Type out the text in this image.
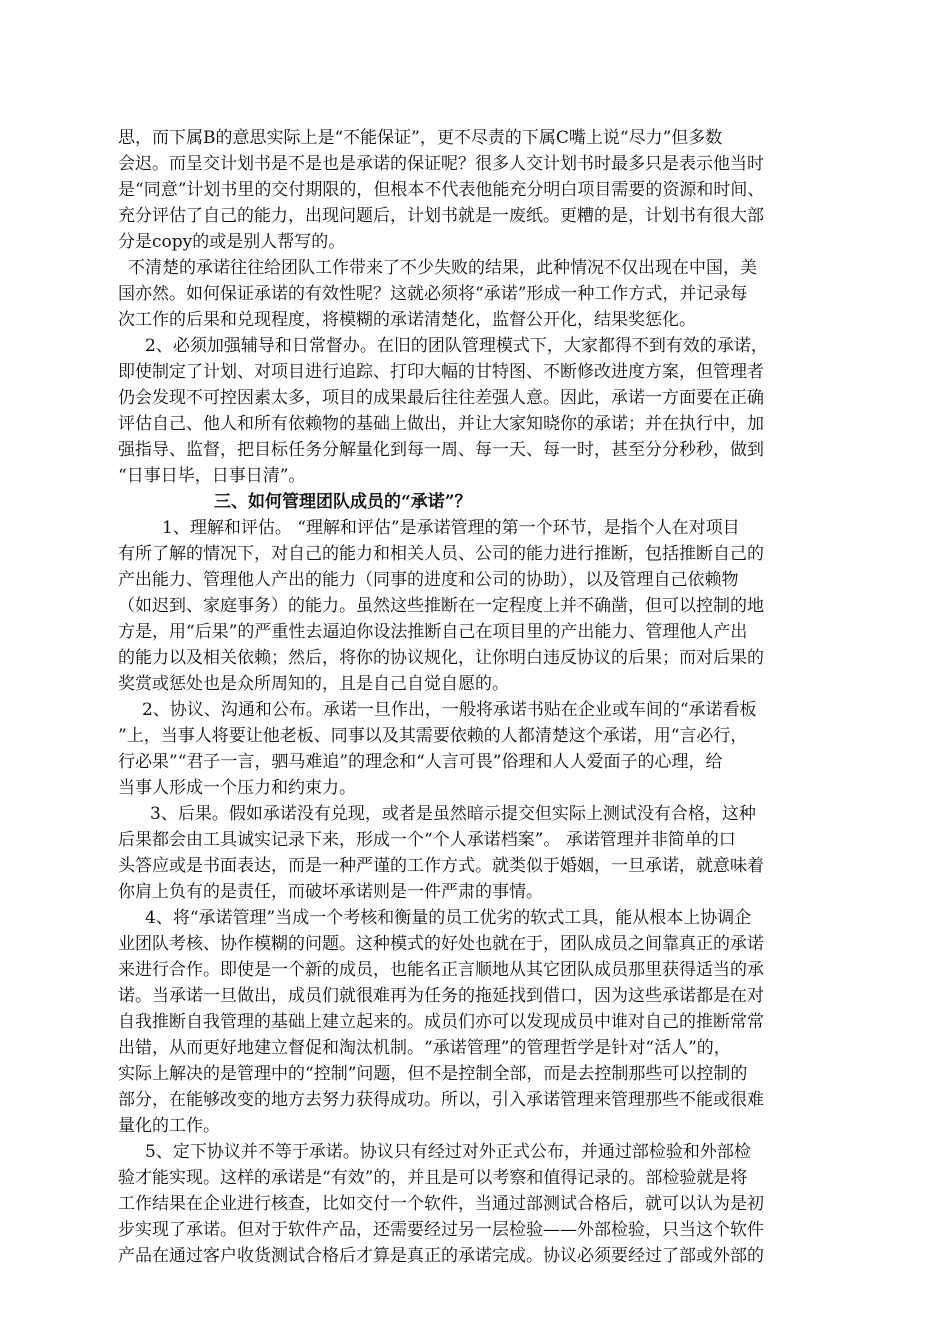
思，而下属B的意思实际上是“不能保证”，更不尽责的下属C嘴上说“尽力”但多数

会迟。而呈交计划书是不是也是承诺的保证呢？很多人交计划书时最多只是表示他当时

是“同意”计划书里的交付期限的，但根本不代表他能充分明白项目需要的资源和时间、

充分评估了自己的能力，出现问题后，计划书就是一废纸。更糟的是，计划书有很大部

分是copy的或是别人帮写的。

不清楚的承诺往往给团队工作带来了不少失败的结果，此种情况不仅出现在中国，美

国亦然。如何保证承诺的有效性呢？这就必须将“承诺”形成一种工作方式，并记录每

次工作的后果和兑现程度，将模糊的承诺清楚化，监督公开化，结果奖惩化。

2、必须加强辅导和日常督办。在旧的团队管理模式下，大家都得不到有效的承诺，

即使制定了计划、对项目进行追踪、打印大幅的甘特图、不断修改进度方案，但管理者

仍会发现不可控因素太多，项目的成果最后往往差强人意。因此，承诺一方面要在正确

评估自己、他人和所有依赖物的基础上做出，并让大家知晓你的承诺；并在执行中，加

强指导、监督，把目标任务分解量化到每一周、每一天、每一时，甚至分分秒秒，做到

“日事日毕，日事日清”。

三、如何管理团队成员的“承诺”？

1、理解和评估。 “理解和评估”是承诺管理的第一个环节，是指个人在对项目

有所了解的情况下，对自己的能力和相关人员、公司的能力进行推断，包括推断自己的

产出能力、管理他人产出的能力（同事的进度和公司的协助），以及管理自己依赖物

（如迟到、家庭事务）的能力。虽然这些推断在一定程度上并不确凿，但可以控制的地

方是，用“后果”的严重性去逼迫你设法推断自己在项目里的产出能力、管理他人产出

的能力以及相关依赖；然后，将你的协议规化，让你明白违反协议的后果；而对后果的

奖赏或惩处也是众所周知的，且是自己自觉自愿的。

2、协议、沟通和公布。承诺一旦作出，一般将承诺书贴在企业或车间的“承诺看板

”上，当事人将要让他老板、同事以及其需要依赖的人都清楚这个承诺，用“言必行，

行必果”“君子一言，驷马难追”的理念和“人言可畏”俗理和人人爱面子的心理，给

当事人形成一个压力和约束力。

3、后果。假如承诺没有兑现，或者是虽然暗示提交但实际上测试没有合格，这种

后果都会由工具诚实记录下来，形成一个“个人承诺档案”。 承诺管理并非简单的口

头答应或是书面表达，而是一种严谨的工作方式。就类似于婚姻，一旦承诺，就意味着

你肩上负有的是责任，而破坏承诺则是一件严肃的事情。

4、将“承诺管理”当成一个考核和衡量的员工优劣的软式工具，能从根本上协调企

业团队考核、协作模糊的问题。这种模式的好处也就在于，团队成员之间靠真正的承诺

来进行合作。即使是一个新的成员，也能名正言顺地从其它团队成员那里获得适当的承

诺。当承诺一旦做出，成员们就很难再为任务的拖延找到借口，因为这些承诺都是在对

自我推断自我管理的基础上建立起来的。成员们亦可以发现成员中谁对自己的推断常常

出错，从而更好地建立督促和淘汰机制。“承诺管理”的管理哲学是针对“活人”的，

实际上解决的是管理中的“控制”问题，但不是控制全部，而是去控制那些可以控制的

部分，在能够改变的地方去努力获得成功。所以，引入承诺管理来管理那些不能或很难

量化的工作。

5、定下协议并不等于承诺。协议只有经过对外正式公布，并通过部检验和外部检

验才能实现。这样的承诺是“有效”的，并且是可以考察和值得记录的。部检验就是将

工作结果在企业进行核查，比如交付一个软件，当通过部测试合格后，就可以认为是初

步实现了承诺。但对于软件产品，还需要经过另一层检验——外部检验，只当这个软件

产品在通过客户收货测试合格后才算是真正的承诺完成。协议必须要经过了部或外部的
